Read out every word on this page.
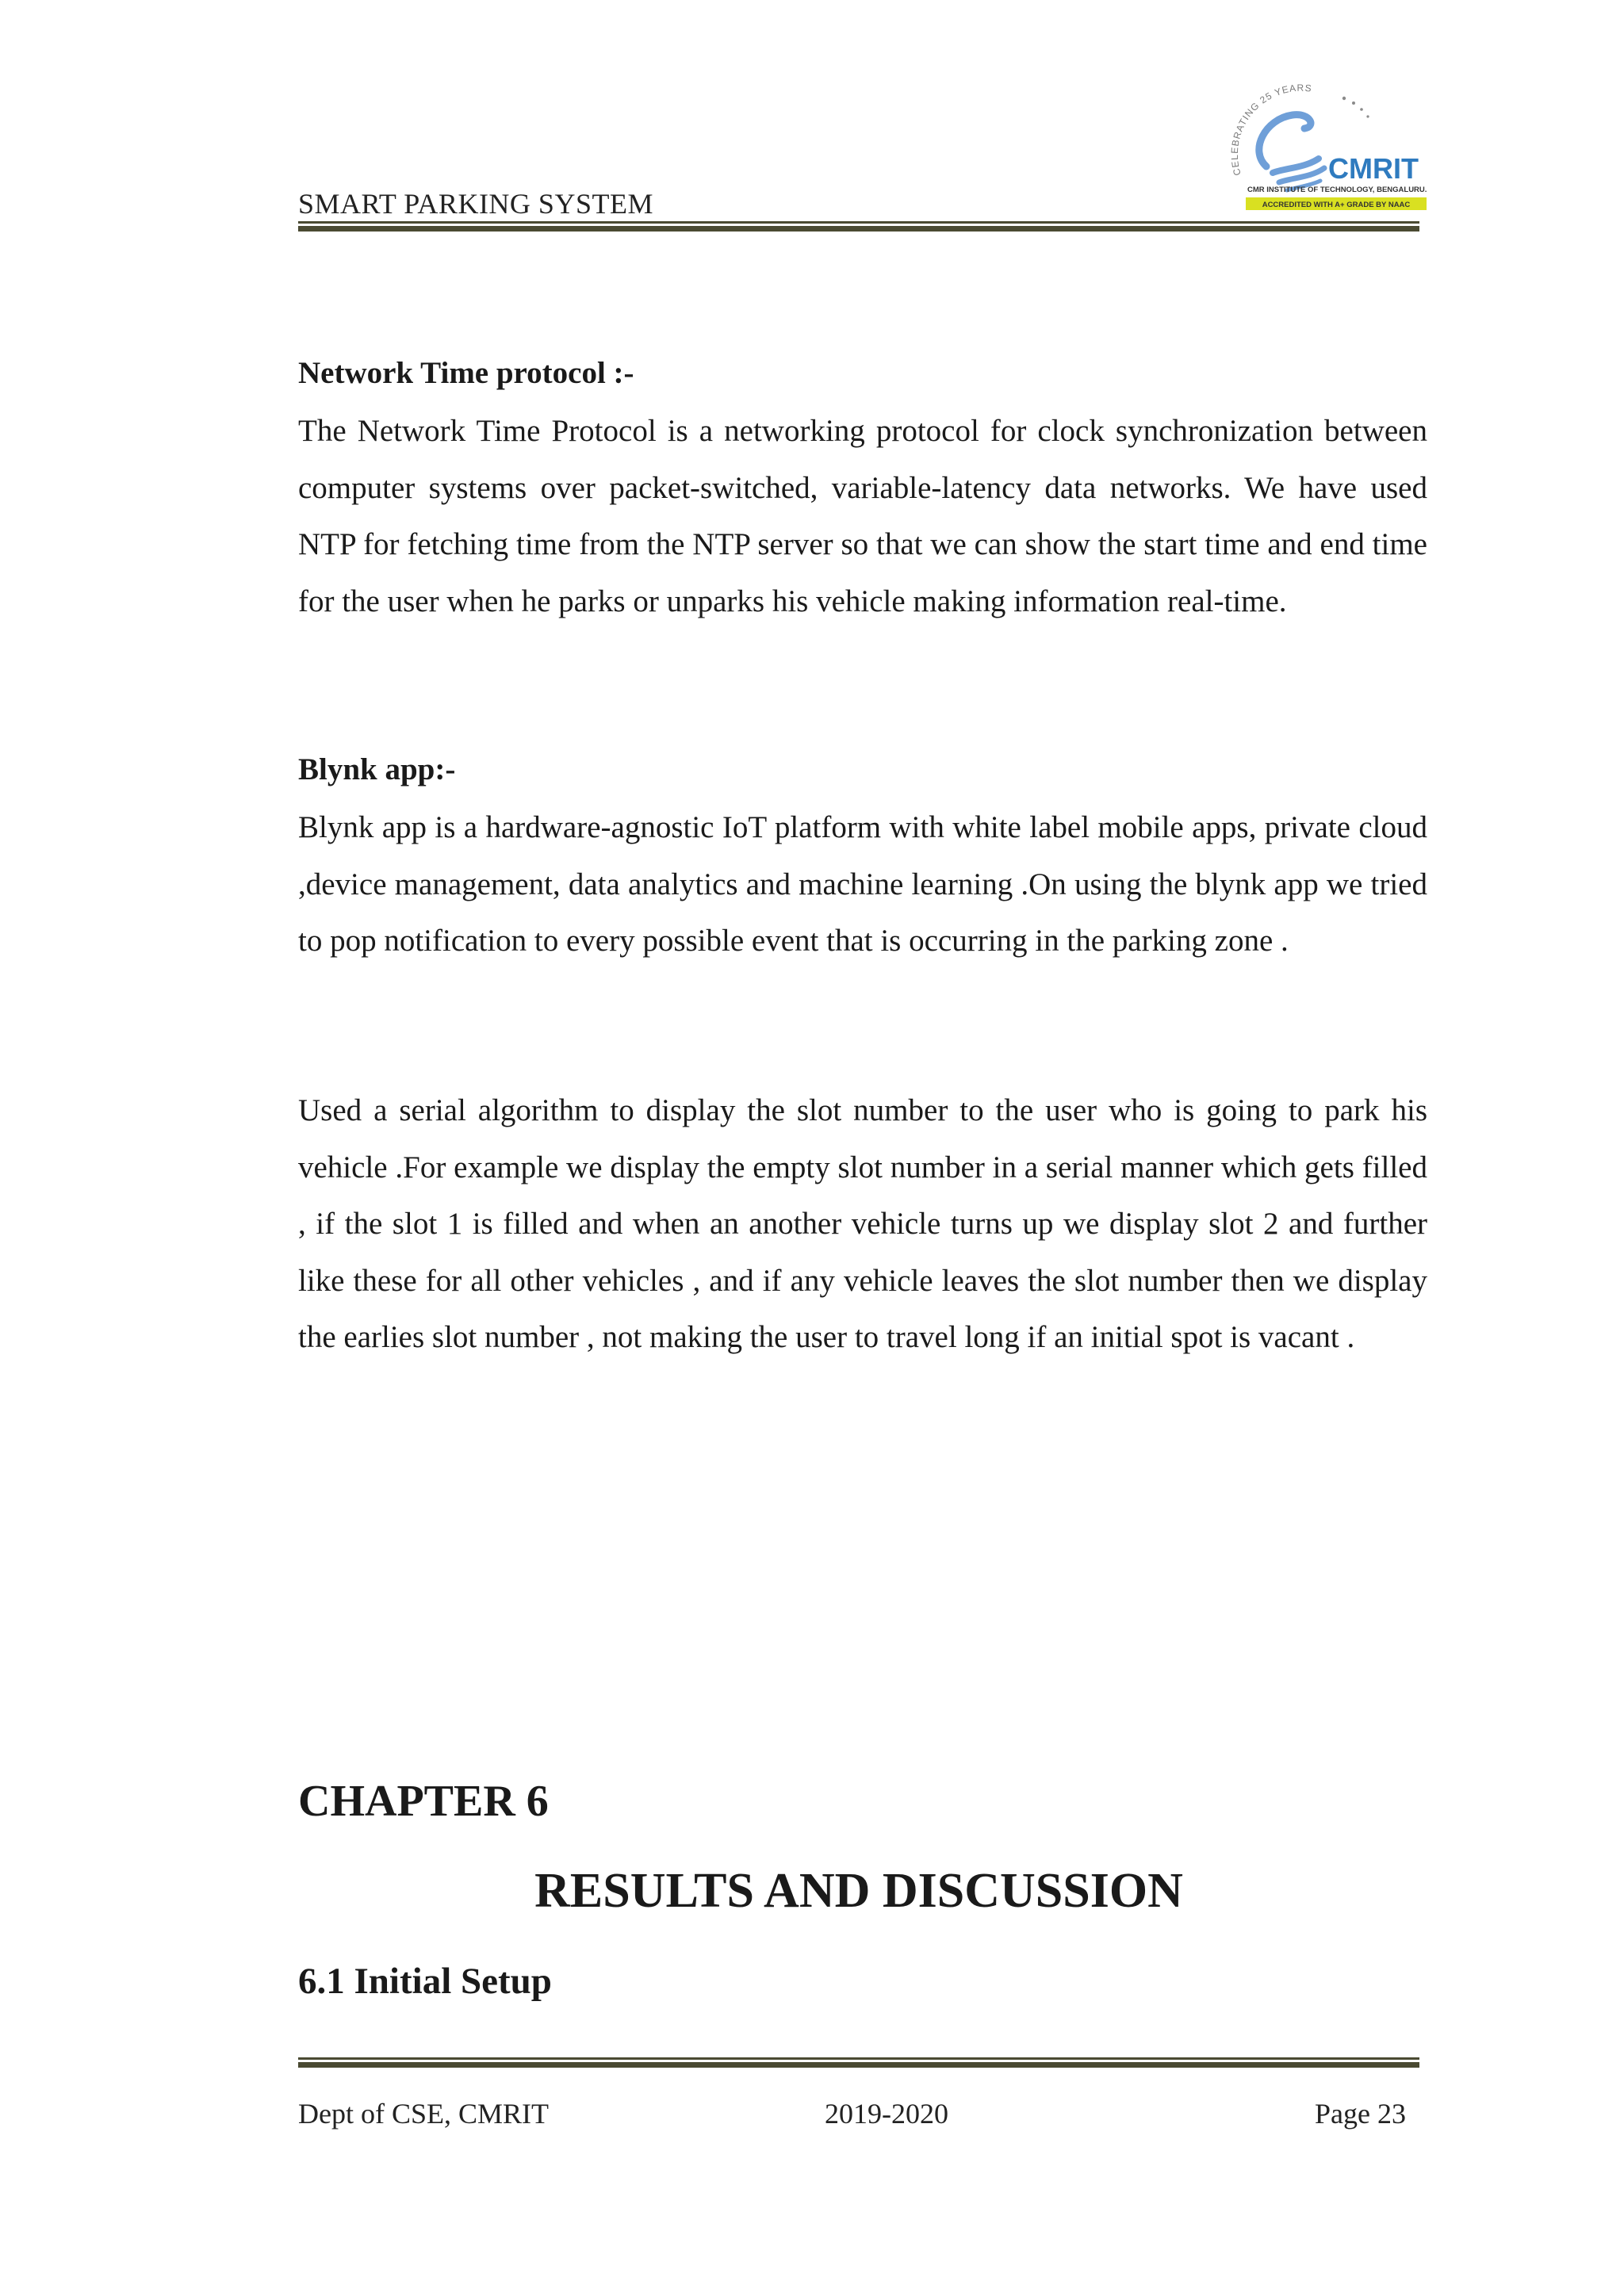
SMART PARKING SYSTEM
CELEBRATING 25 YEARS
CMRIT
CMR INSTITUTE OF TECHNOLOGY, BENGALURU.
ACCREDITED WITH A+ GRADE BY NAAC
Network Time protocol :-

The Network Time Protocol is a networking protocol for clock synchronization between computer systems over packet-switched, variable-latency data networks. We have used NTP for fetching time from the NTP server so that we can show the start time and end time for the user when he parks or unparks his vehicle making information real-time.

Blynk app:-

Blynk app is a hardware-agnostic IoT platform with white label mobile apps, private cloud ,device management, data analytics and machine learning .On using the blynk app we tried to pop notification to every possible event that is occurring in the parking zone .

Used a serial algorithm to display the slot number to the user who is going to park his vehicle .For example we display the empty slot number in a serial manner which gets filled , if the slot 1 is filled and when an another vehicle turns up we display slot 2 and further like these for all other vehicles , and if any vehicle leaves the slot number then we display the earlies slot number , not making the user to travel long if an initial spot is vacant .

CHAPTER 6
RESULTS AND DISCUSSION
6.1 Initial Setup
Dept of CSE, CMRIT	2019-2020	Page 23
